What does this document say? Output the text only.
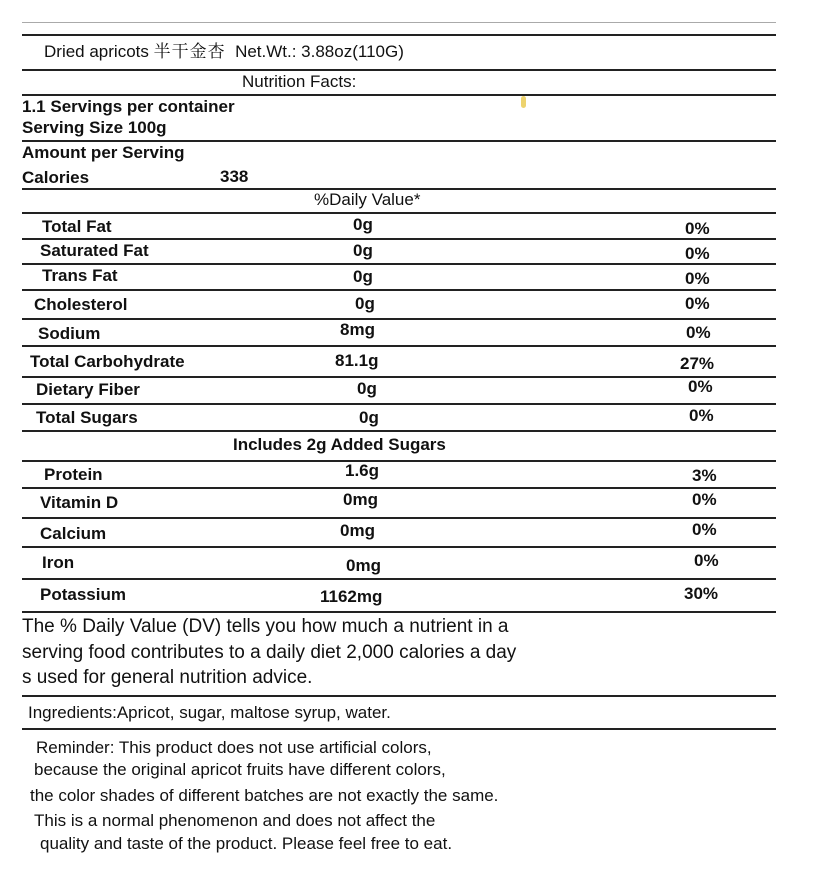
Dried apricots 半干金杏 Net.Wt.: 3.88oz(110G)
Nutrition Facts:
1.1 Servings per container
Serving Size 100g
Amount per Serving
Calories	338
%Daily Value*
Total Fat	0g	0%
Saturated Fat	0g	0%
Trans Fat	0g	0%
Cholesterol	0g	0%
Sodium	8mg	0%
Total Carbohydrate	81.1g	27%
Dietary Fiber	0g	0%
Total Sugars	0g	0%
Includes 2g Added Sugars
Protein	1.6g	3%
Vitamin D	0mg	0%
Calcium	0mg	0%
Iron	0mg	0%
Potassium	1162mg	30%
The % Daily Value (DV) tells you how much a nutrient in a
serving food contributes to a daily diet 2,000 calories a day
s used for general nutrition advice.
Ingredients:Apricot, sugar, maltose syrup, water.
Reminder: This product does not use artificial colors,
because the original apricot fruits have different colors,
the color shades of different batches are not exactly the same.
This is a normal phenomenon and does not affect the
quality and taste of the product. Please feel free to eat.
